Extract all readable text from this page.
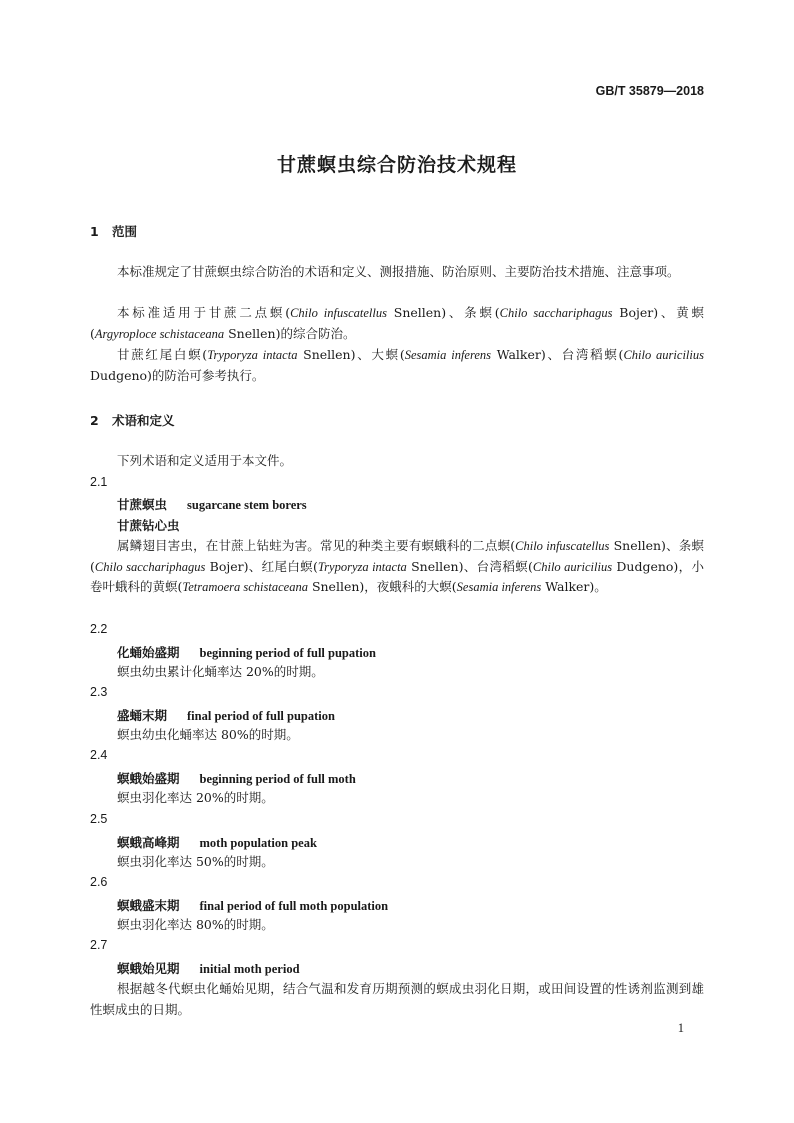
GB/T 35879—2018
甘蔗螟虫综合防治技术规程
1 范围
本标准规定了甘蔗螟虫综合防治的术语和定义、测报措施、防治原则、主要防治技术措施、注意事项。
本标准适用于甘蔗二点螟(Chilo infuscatellus Snellen)、条螟(Chilo sacchariphagus Bojer)、黄螟(Argyroploce schistaceana Snellen)的综合防治。
甘蔗红尾白螟(Tryporyza intacta Snellen)、大螟(Sesamia inferens Walker)、台湾稻螟(Chilo auricilius Dudgeno)的防治可参考执行。
2 术语和定义
下列术语和定义适用于本文件。
2.1
甘蔗螟虫 sugarcane stem borers
甘蔗钻心虫
属鳞翅目害虫，在甘蔗上钻蛀为害。常见的种类主要有螟蛾科的二点螟(Chilo infuscatellus Snellen)、条螟(Chilo sacchariphagus Bojer)、红尾白螟(Tryporyza intacta Snellen)、台湾稻螟(Chilo auricilius Dudgeno)，小卷叶蛾科的黄螟(Tetramoera schistaceana Snellen)，夜蛾科的大螟(Sesamia inferens Walker)。
2.2
化蛹始盛期 beginning period of full pupation
螟虫幼虫累计化蛹率达 20%的时期。
2.3
盛蛹末期 final period of full pupation
螟虫幼虫化蛹率达 80%的时期。
2.4
螟蛾始盛期 beginning period of full moth
螟虫羽化率达 20%的时期。
2.5
螟蛾高峰期 moth population peak
螟虫羽化率达 50%的时期。
2.6
螟蛾盛末期 final period of full moth population
螟虫羽化率达 80%的时期。
2.7
螟蛾始见期 initial moth period
根据越冬代螟虫化蛹始见期，结合气温和发育历期预测的螟成虫羽化日期，或田间设置的性诱剂监测到雄性螟成虫的日期。
1
